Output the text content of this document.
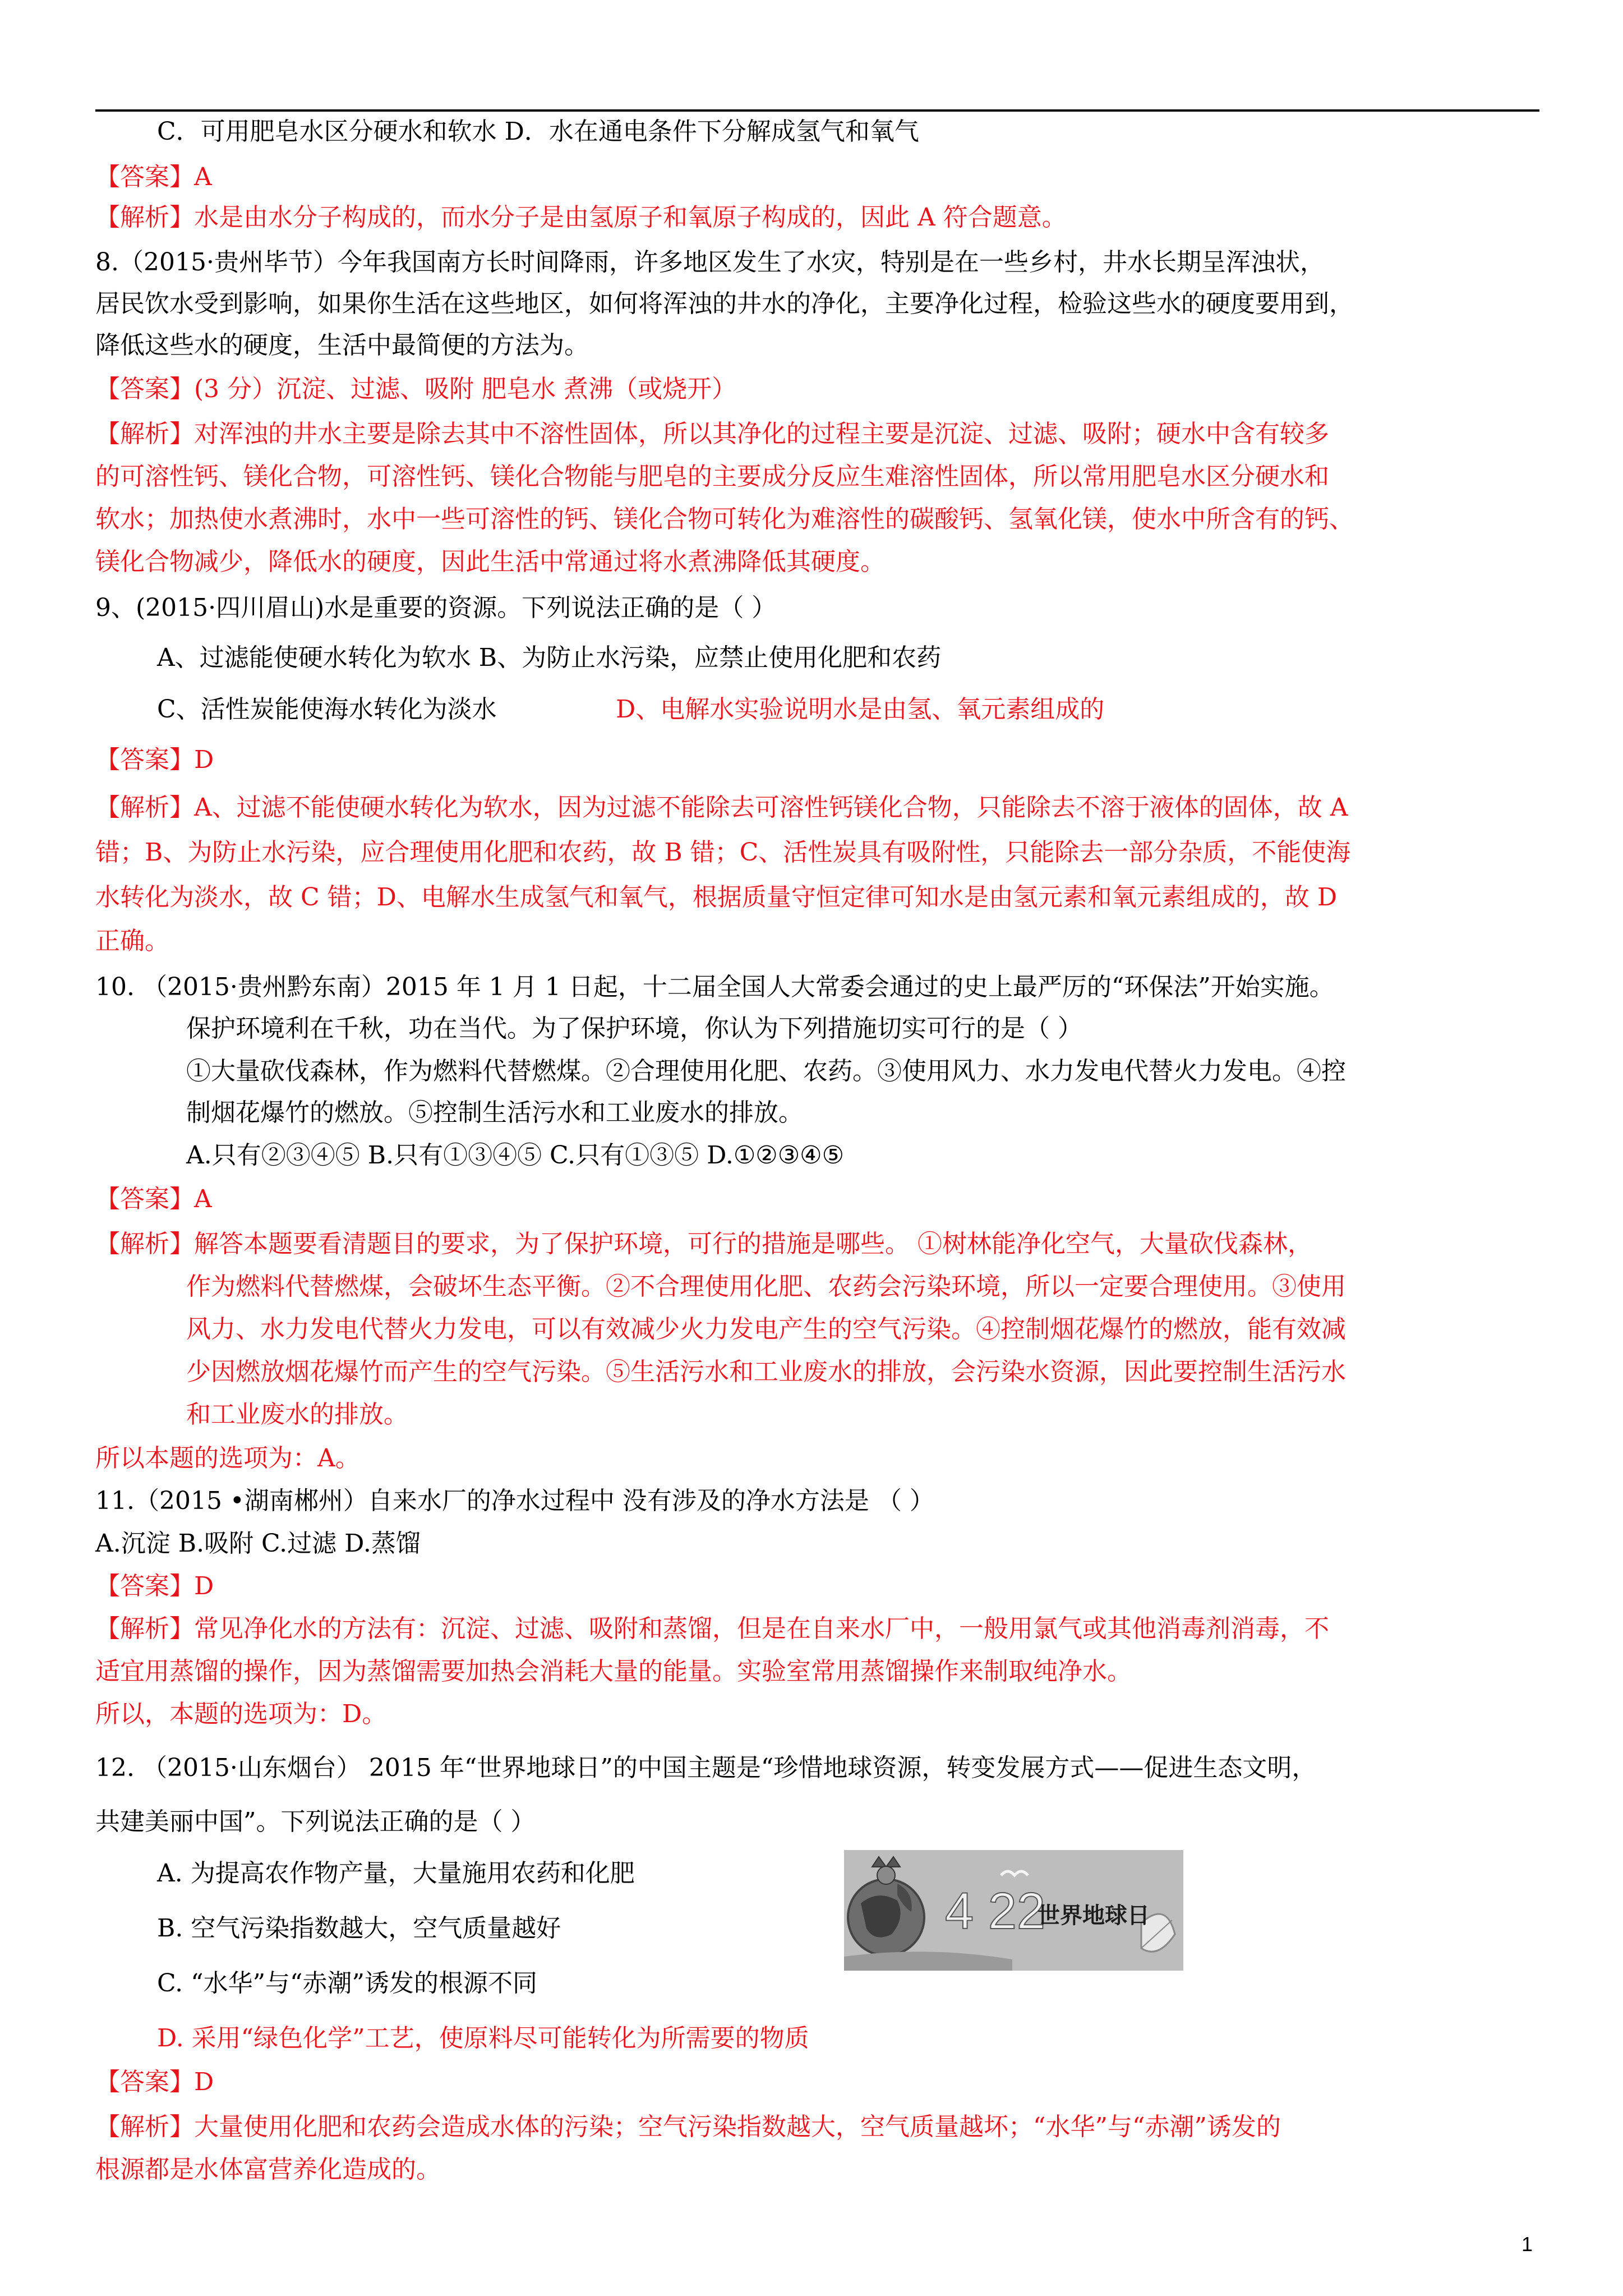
C．可用肥皂水区分硬水和软水 D．水在通电条件下分解成氢气和氧气
【答案】A
【解析】水是由水分子构成的，而水分子是由氢原子和氧原子构成的，因此 A 符合题意。
8.（2015·贵州毕节）今年我国南方长时间降雨，许多地区发生了水灾，特别是在一些乡村，井水长期呈浑浊状，
居民饮水受到影响，如果你生活在这些地区，如何将浑浊的井水的净化，主要净化过程，检验这些水的硬度要用到，
降低这些水的硬度，生活中最简便的方法为。
【答案】(3 分）沉淀、过滤、吸附 肥皂水 煮沸（或烧开）
【解析】对浑浊的井水主要是除去其中不溶性固体，所以其净化的过程主要是沉淀、过滤、吸附；硬水中含有较多
的可溶性钙、镁化合物，可溶性钙、镁化合物能与肥皂的主要成分反应生难溶性固体，所以常用肥皂水区分硬水和
软水；加热使水煮沸时，水中一些可溶性的钙、镁化合物可转化为难溶性的碳酸钙、氢氧化镁，使水中所含有的钙、
镁化合物减少，降低水的硬度，因此生活中常通过将水煮沸降低其硬度。
9、(2015·四川眉山)水是重要的资源。下列说法正确的是（ ）
A、过滤能使硬水转化为软水 B、为防止水污染，应禁止使用化肥和农药
C、活性炭能使海水转化为淡水	D、电解水实验说明水是由氢、氧元素组成的
【答案】D
【解析】A、过滤不能使硬水转化为软水，因为过滤不能除去可溶性钙镁化合物，只能除去不溶于液体的固体，故 A
错；B、为防止水污染，应合理使用化肥和农药，故 B 错；C、活性炭具有吸附性，只能除去一部分杂质，不能使海
水转化为淡水，故 C 错；D、电解水生成氢气和氧气，根据质量守恒定律可知水是由氢元素和氧元素组成的，故 D
正确。
10. （2015·贵州黔东南）2015 年 1 月 1 日起，十二届全国人大常委会通过的史上最严厉的“环保法”开始实施。
保护环境利在千秋，功在当代。为了保护环境，你认为下列措施切实可行的是（ ）
①大量砍伐森林，作为燃料代替燃煤。②合理使用化肥、农药。③使用风力、水力发电代替火力发电。④控
制烟花爆竹的燃放。⑤控制生活污水和工业废水的排放。
A.只有②③④⑤ B.只有①③④⑤ C.只有①③⑤ D.①②③④⑤
【答案】A
【解析】解答本题要看清题目的要求，为了保护环境，可行的措施是哪些。 ①树林能净化空气，大量砍伐森林，
作为燃料代替燃煤，会破坏生态平衡。②不合理使用化肥、农药会污染环境，所以一定要合理使用。③使用
风力、水力发电代替火力发电，可以有效减少火力发电产生的空气污染。④控制烟花爆竹的燃放，能有效减
少因燃放烟花爆竹而产生的空气污染。⑤生活污水和工业废水的排放，会污染水资源，因此要控制生活污水
和工业废水的排放。
所以本题的选项为：A。
11.（2015 •湖南郴州）自来水厂的净水过程中 没有涉及的净水方法是 （ ）
A.沉淀 B.吸附 C.过滤 D.蒸馏
【答案】D
【解析】常见净化水的方法有：沉淀、过滤、吸附和蒸馏，但是在自来水厂中，一般用氯气或其他消毒剂消毒，不
适宜用蒸馏的操作，因为蒸馏需要加热会消耗大量的能量。实验室常用蒸馏操作来制取纯净水。
所以，本题的选项为：D。
12. （2015·山东烟台） 2015 年“世界地球日”的中国主题是“珍惜地球资源，转变发展方式——促进生态文明，
共建美丽中国”。下列说法正确的是（ ）
A. 为提高农作物产量，大量施用农药和化肥
B. 空气污染指数越大，空气质量越好
C. “水华”与“赤潮”诱发的根源不同
D. 采用“绿色化学”工艺，使原料尽可能转化为所需要的物质
【答案】D
【解析】大量使用化肥和农药会造成水体的污染；空气污染指数越大，空气质量越坏；“水华”与“赤潮”诱发的
根源都是水体富营养化造成的。
4 22
世界地球日
1
